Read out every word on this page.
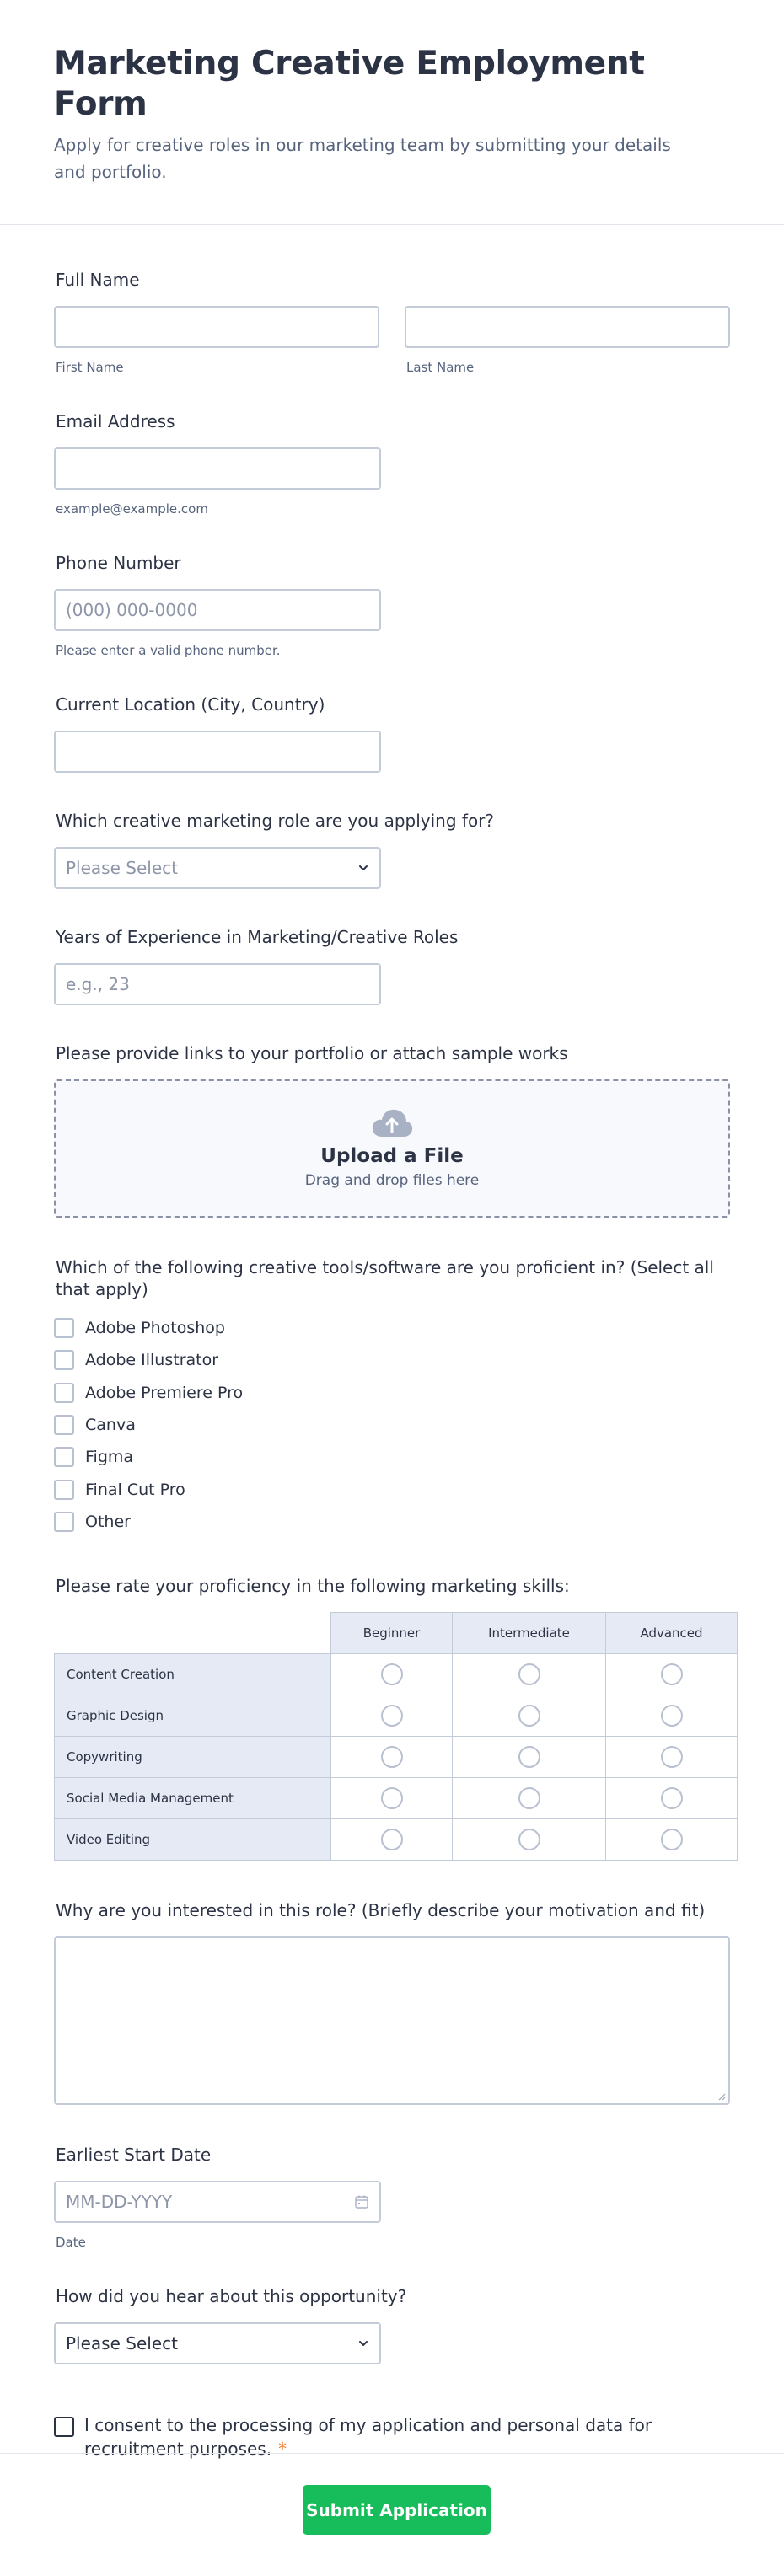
Marketing Creative Employment Form

Apply for creative roles in our marketing team by submitting your details and portfolio.

Full Name
First Name	Last Name
Email Address
example@example.com
Phone Number
(000) 000-0000
Please enter a valid phone number.
Current Location (City, Country)
Which creative marketing role are you applying for?
Please Select
Years of Experience in Marketing/Creative Roles
e.g., 23
Please provide links to your portfolio or attach sample works
Upload a File
Drag and drop files here
Which of the following creative tools/software are you proficient in? (Select all that apply)
Adobe Photoshop
Adobe Illustrator
Adobe Premiere Pro
Canva
Figma
Final Cut Pro
Other
Please rate your proficiency in the following marketing skills:
	Beginner	Intermediate	Advanced
Content Creation			
Graphic Design			
Copywriting			
Social Media Management			
Video Editing			
Why are you interested in this role? (Briefly describe your motivation and fit)
Earliest Start Date
MM-DD-YYYY
Date
How did you hear about this opportunity?
Please Select
I consent to the processing of my application and personal data for recruitment purposes. *
Submit Application
